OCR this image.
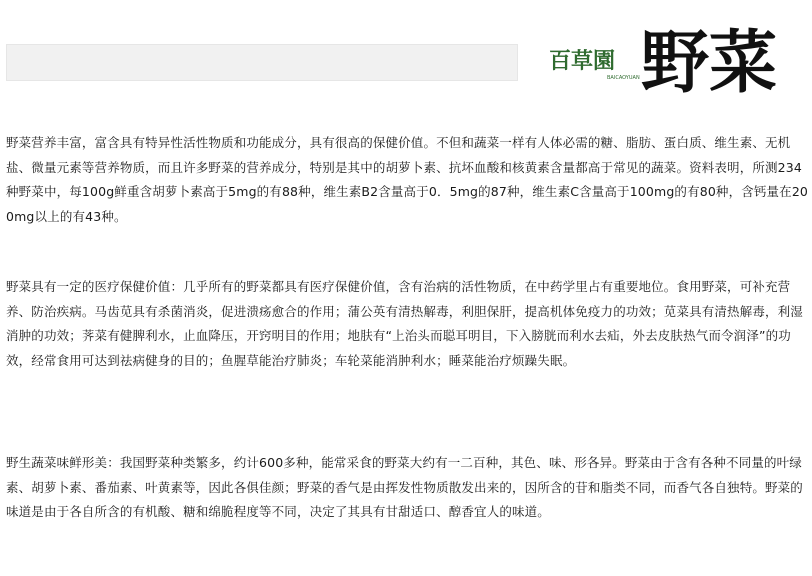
百草園
BAICAOYUAN 野菜

野菜营养丰富，富含具有特异性活性物质和功能成分，具有很高的保健价值。不但和蔬菜一样有人体必需的糖、脂肪、蛋白质、维生素、无机盐、微量元素等营养物质，而且许多野菜的营养成分，特别是其中的胡萝卜素、抗坏血酸和核黄素含量都高于常见的蔬菜。资料表明，所测234种野菜中，每100g鲜重含胡萝卜素高于5mg的有88种，维生素B2含量高于0．5mg的87种，维生素C含量高于100mg的有80种，含钙量在200mg以上的有43种。

野菜具有一定的医疗保健价值：几乎所有的野菜都具有医疗保健价值，含有治病的活性物质，在中药学里占有重要地位。食用野菜，可补充营养、防治疾病。马齿苋具有杀菌消炎，促进溃疡愈合的作用；蒲公英有清热解毒，利胆保肝，提高机体免疫力的功效；苋菜具有清热解毒，利湿消肿的功效；荠菜有健脾利水，止血降压，开窍明目的作用；地肤有“上治头而聪耳明目，下入膀胱而利水去疝，外去皮肤热气而令润泽”的功效，经常食用可达到祛病健身的目的；鱼腥草能治疗肺炎；车轮菜能消肿利水；睡菜能治疗烦躁失眠。

野生蔬菜味鲜形美：我国野菜种类繁多，约计600多种，能常采食的野菜大约有一二百种，其色、味、形各异。野菜由于含有各种不同量的叶绿素、胡萝卜素、番茄素、叶黄素等，因此各俱佳颜；野菜的香气是由挥发性物质散发出来的，因所含的苷和脂类不同，而香气各自独特。野菜的味道是由于各自所含的有机酸、糖和绵脆程度等不同，决定了其具有甘甜适口、醇香宜人的味道。
